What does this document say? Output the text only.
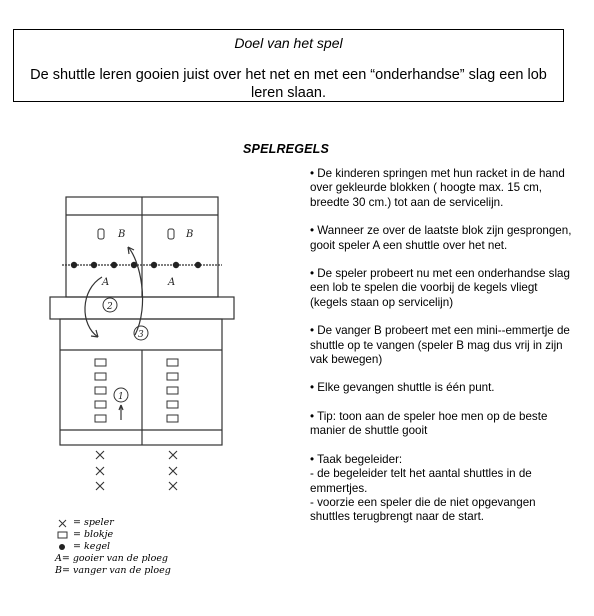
Doel van het spel
De shuttle leren gooien juist over het net en met een “onderhandse” slag een lob leren slaan.
SPELREGELS
B	B
A	A
2
3
1
= speler
= blokje
= kegel
A= gooier van de ploeg
B= vanger van de ploeg
• De kinderen springen met hun racket in de hand over gekleurde blokken ( hoogte max. 15 cm, breedte 30 cm.) tot aan de servicelijn.
• Wanneer ze over de laatste blok zijn gesprongen, gooit speler A een shuttle over het net.
• De speler probeert nu met een onderhandse slag een lob te spelen die voorbij de kegels vliegt (kegels staan op servicelijn)
• De vanger B probeert met een mini--emmertje de shuttle op te vangen (speler B mag dus vrij in zijn vak bewegen)
• Elke gevangen shuttle is één punt.
• Tip: toon aan de speler hoe men op de beste manier de shuttle gooit
• Taak begeleider:
- de begeleider telt het aantal shuttles in de emmertjes.
- voorzie een speler die de niet opgevangen shuttles terugbrengt naar de start.
